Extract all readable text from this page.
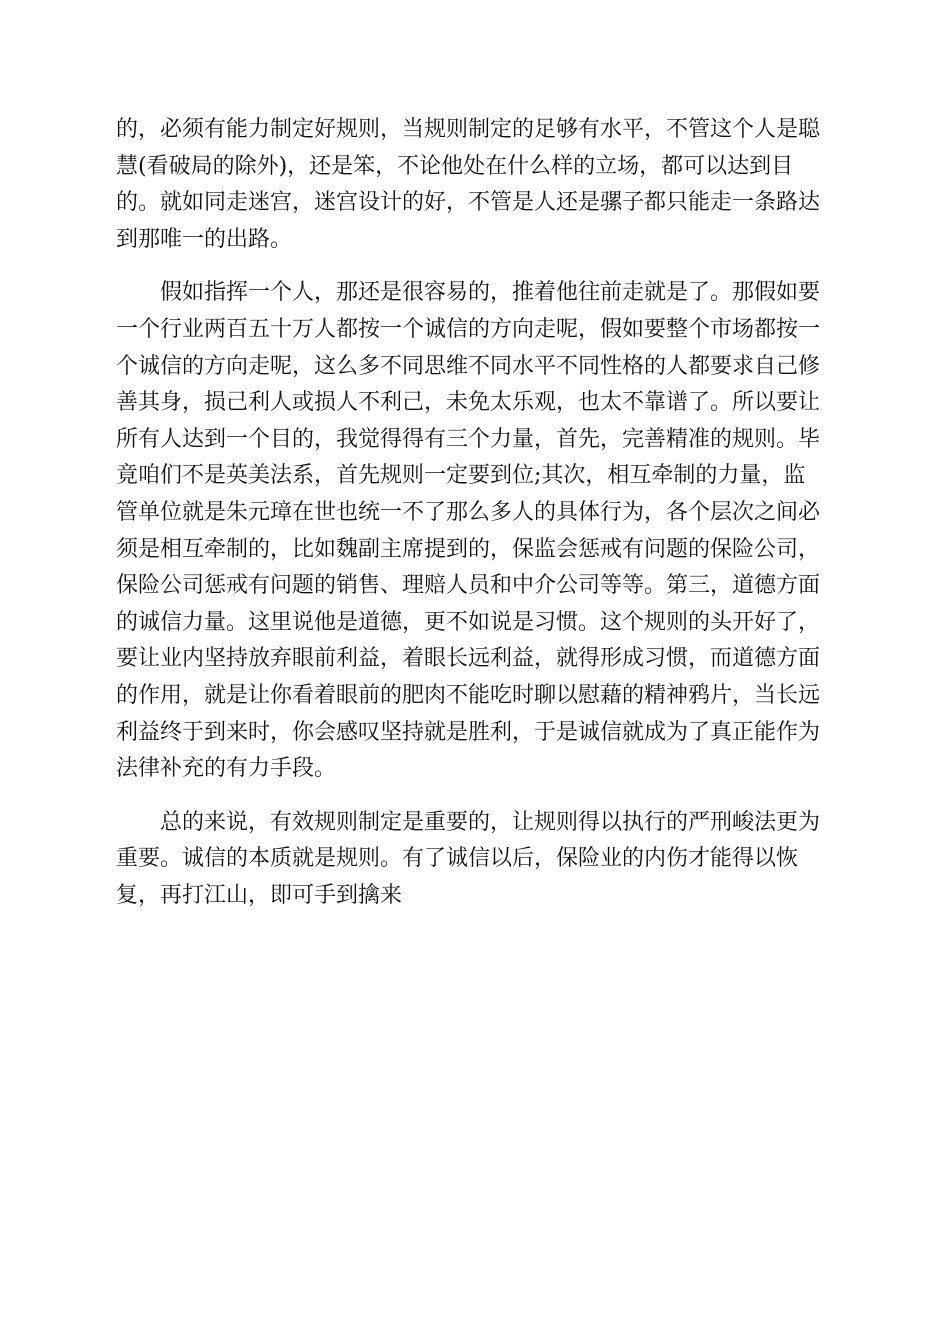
的，必须有能力制定好规则，当规则制定的足够有水平，不管这个人是聪
慧(看破局的除外)，还是笨，不论他处在什么样的立场，都可以达到目
的。就如同走迷宫，迷宫设计的好，不管是人还是骡子都只能走一条路达
到那唯一的出路。
假如指挥一个人，那还是很容易的，推着他往前走就是了。那假如要
一个行业两百五十万人都按一个诚信的方向走呢，假如要整个市场都按一
个诚信的方向走呢，这么多不同思维不同水平不同性格的人都要求自己修
善其身，损己利人或损人不利己，未免太乐观，也太不靠谱了。所以要让
所有人达到一个目的，我觉得得有三个力量，首先，完善精准的规则。毕
竟咱们不是英美法系，首先规则一定要到位;其次，相互牵制的力量，监
管单位就是朱元璋在世也统一不了那么多人的具体行为，各个层次之间必
须是相互牵制的，比如魏副主席提到的，保监会惩戒有问题的保险公司，
保险公司惩戒有问题的销售、理赔人员和中介公司等等。第三，道德方面
的诚信力量。这里说他是道德，更不如说是习惯。这个规则的头开好了，
要让业内坚持放弃眼前利益，着眼长远利益，就得形成习惯，而道德方面
的作用，就是让你看着眼前的肥肉不能吃时聊以慰藉的精神鸦片，当长远
利益终于到来时，你会感叹坚持就是胜利，于是诚信就成为了真正能作为
法律补充的有力手段。
总的来说，有效规则制定是重要的，让规则得以执行的严刑峻法更为
重要。诚信的本质就是规则。有了诚信以后，保险业的内伤才能得以恢
复，再打江山，即可手到擒来
